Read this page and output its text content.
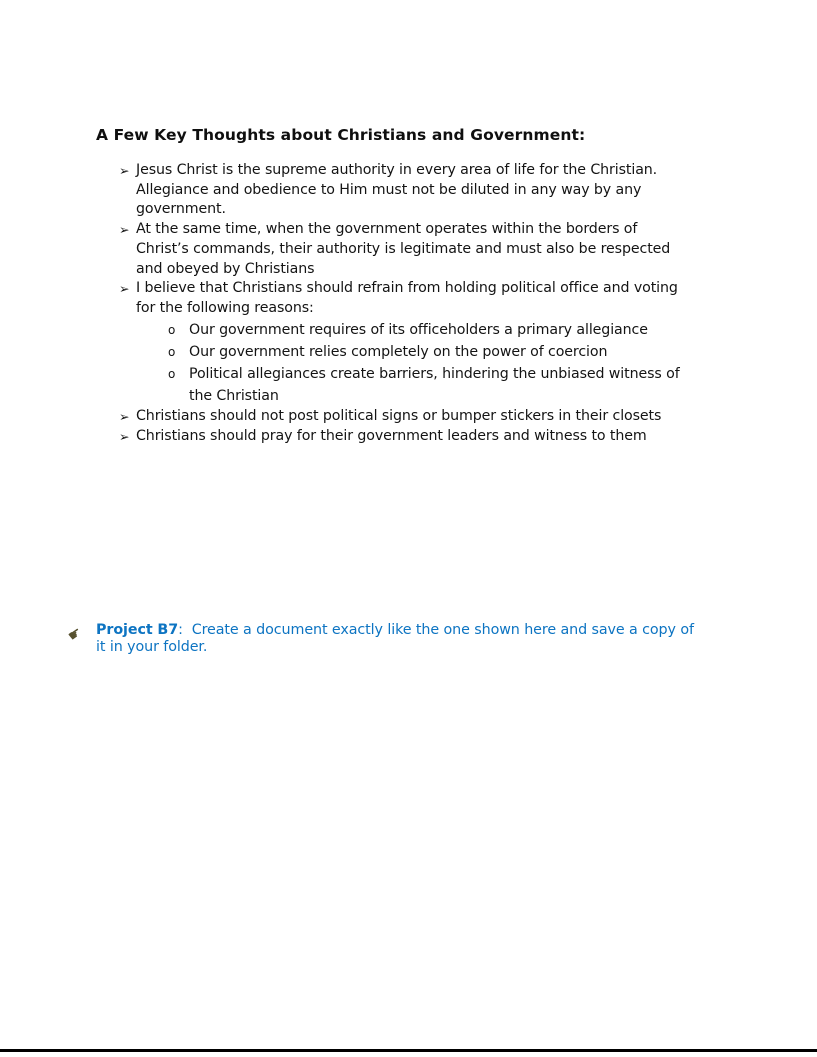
A Few Key Thoughts about Christians and Government:
➢ Jesus Christ is the supreme authority in every area of life for the Christian.
Allegiance and obedience to Him must not be diluted in any way by any
government.
➢ At the same time, when the government operates within the borders of
Christ’s commands, their authority is legitimate and must also be respected
and obeyed by Christians
➢ I believe that Christians should refrain from holding political office and voting
for the following reasons:
o Our government requires of its officeholders a primary allegiance
o Our government relies completely on the power of coercion
o Political allegiances create barriers, hindering the unbiased witness of
the Christian
➢ Christians should not post political signs or bumper stickers in their closets
➢ Christians should pray for their government leaders and witness to them
☛ Project B7:  Create a document exactly like the one shown here and save a copy of
it in your folder.
